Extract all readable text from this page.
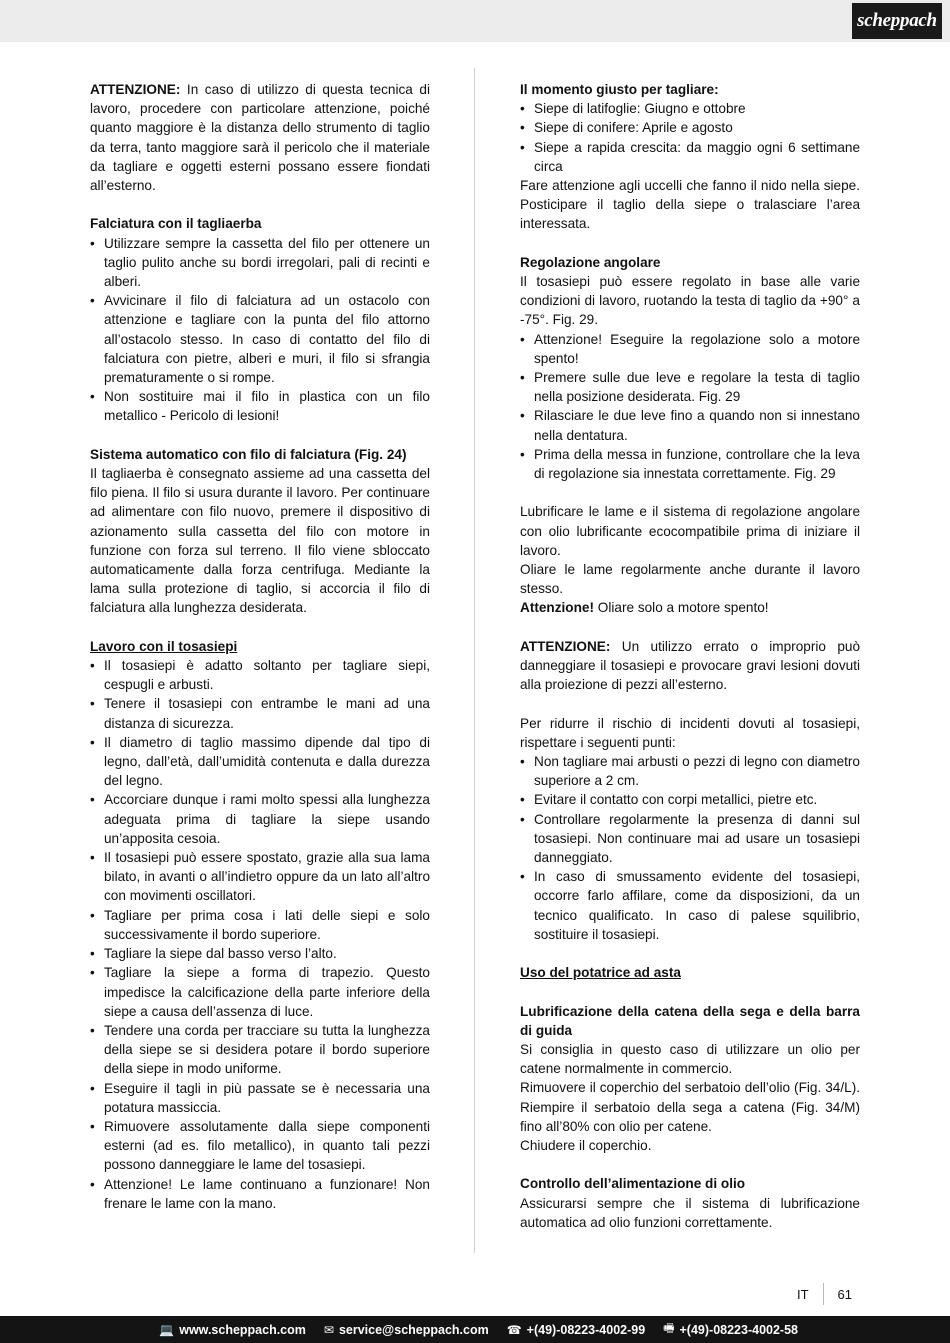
scheppach

ATTENZIONE: In caso di utilizzo di questa tecnica di lavoro, procedere con particolare attenzione, poiché quanto maggiore è la distanza dello strumento di taglio da terra, tanto maggiore sarà il pericolo che il materiale da tagliare e oggetti esterni possano essere fiondati all’esterno.

Falciatura con il tagliaerba

• Utilizzare sempre la cassetta del filo per ottenere un taglio pulito anche su bordi irregolari, pali di recinti e alberi.
• Avvicinare il filo di falciatura ad un ostacolo con attenzione e tagliare con la punta del filo attorno all’ostacolo stesso. In caso di contatto del filo di falciatura con pietre, alberi e muri, il filo si sfrangia prematuramente o si rompe.
• Non sostituire mai il filo in plastica con un filo metallico - Pericolo di lesioni!

Sistema automatico con filo di falciatura (Fig. 24)

Il tagliaerba è consegnato assieme ad una cassetta del filo piena. Il filo si usura durante il lavoro. Per continuare ad alimentare con filo nuovo, premere il dispositivo di azionamento sulla cassetta del filo con motore in funzione con forza sul terreno. Il filo viene sbloccato automaticamente dalla forza centrifuga. Mediante la lama sulla protezione di taglio, si accorcia il filo di falciatura alla lunghezza desiderata.

Lavoro con il tosasiepi

• Il tosasiepi è adatto soltanto per tagliare siepi, cespugli e arbusti.
• Tenere il tosasiepi con entrambe le mani ad una distanza di sicurezza.
• Il diametro di taglio massimo dipende dal tipo di legno, dall’età, dall’umidità contenuta e dalla durezza del legno.
• Accorciare dunque i rami molto spessi alla lunghezza adeguata prima di tagliare la siepe usando un’apposita cesoia.
• Il tosasiepi può essere spostato, grazie alla sua lama bilato, in avanti o all’indietro oppure da un lato all’altro con movimenti oscillatori.
• Tagliare per prima cosa i lati delle siepi e solo successivamente il bordo superiore.
• Tagliare la siepe dal basso verso l’alto.
• Tagliare la siepe a forma di trapezio. Questo impedisce la calcificazione della parte inferiore della siepe a causa dell’assenza di luce.
• Tendere una corda per tracciare su tutta la lunghezza della siepe se si desidera potare il bordo superiore della siepe in modo uniforme.
• Eseguire il tagli in più passate se è necessaria una potatura massiccia.
• Rimuovere assolutamente dalla siepe componenti esterni (ad es. filo metallico), in quanto tali pezzi possono danneggiare le lame del tosasiepi.
• Attenzione! Le lame continuano a funzionare! Non frenare le lame con la mano.

Il momento giusto per tagliare:

• Siepe di latifoglie: Giugno e ottobre
• Siepe di conifere: Aprile e agosto
• Siepe a rapida crescita: da maggio ogni 6 settimane circa

Fare attenzione agli uccelli che fanno il nido nella siepe. Posticipare il taglio della siepe o tralasciare l’area interessata.

Regolazione angolare

Il tosasiepi può essere regolato in base alle varie condizioni di lavoro, ruotando la testa di taglio da +90° a -75°. Fig. 29.

• Attenzione! Eseguire la regolazione solo a motore spento!
• Premere sulle due leve e regolare la testa di taglio nella posizione desiderata. Fig. 29
• Rilasciare le due leve fino a quando non si innestano nella dentatura.
• Prima della messa in funzione, controllare che la leva di regolazione sia innestata correttamente. Fig. 29

Lubrificare le lame e il sistema di regolazione angolare con olio lubrificante ecocompatibile prima di iniziare il lavoro.

Oliare le lame regolarmente anche durante il lavoro stesso.

Attenzione! Oliare solo a motore spento!

ATTENZIONE: Un utilizzo errato o improprio può danneggiare il tosasiepi e provocare gravi lesioni dovuti alla proiezione di pezzi all’esterno.

Per ridurre il rischio di incidenti dovuti al tosasiepi, rispettare i seguenti punti:

• Non tagliare mai arbusti o pezzi di legno con diametro superiore a 2 cm.
• Evitare il contatto con corpi metallici, pietre etc.
• Controllare regolarmente la presenza di danni sul tosasiepi. Non continuare mai ad usare un tosasiepi danneggiato.
• In caso di smussamento evidente del tosasiepi, occorre farlo affilare, come da disposizioni, da un tecnico qualificato. In caso di palese squilibrio, sostituire il tosasiepi.

Uso del potatrice ad asta

Lubrificazione della catena della sega e della barra di guida

Si consiglia in questo caso di utilizzare un olio per catene normalmente in commercio.

Rimuovere il coperchio del serbatoio dell’olio (Fig. 34/L). Riempire il serbatoio della sega a catena (Fig. 34/M) fino all’80% con olio per catene.

Chiudere il coperchio.

Controllo dell’alimentazione di olio

Assicurarsi sempre che il sistema di lubrificazione automatica ad olio funzioni correttamente.

IT 61
💻 www.scheppach.com ✉ service@scheppach.com ☎ +(49)-08223-4002-99 🖷 +(49)-08223-4002-58
